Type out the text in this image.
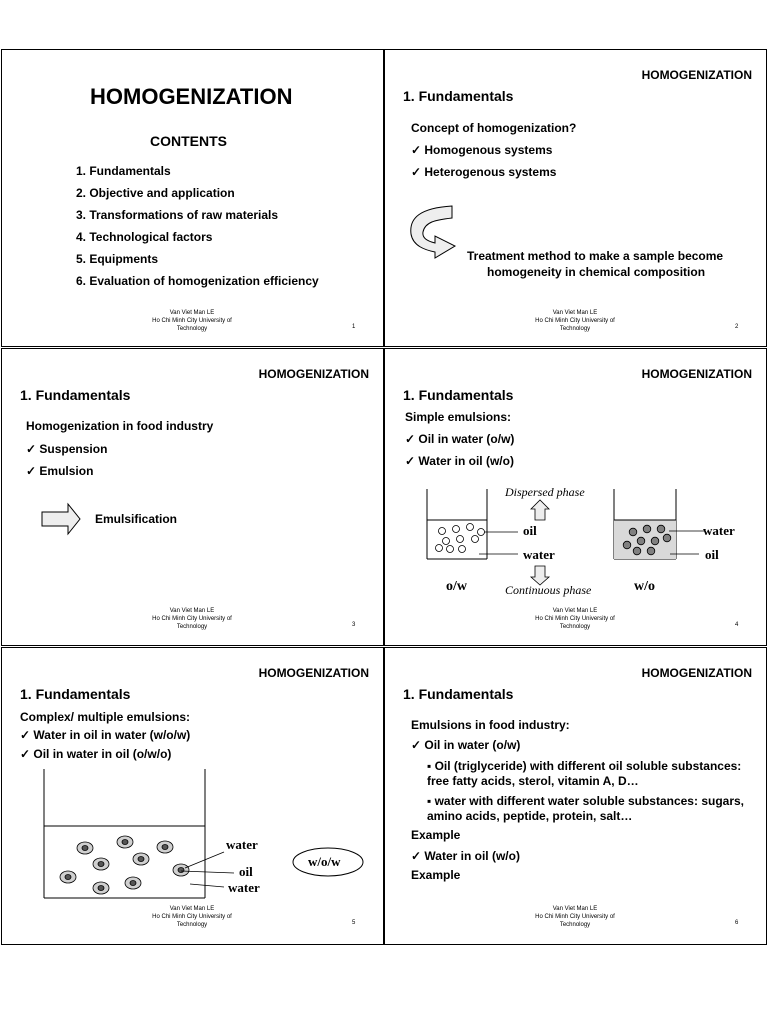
HOMOGENIZATION
CONTENTS
1. Fundamentals
2. Objective and application
3. Transformations of raw materials
4. Technological factors
5. Equipments
6. Evaluation of homogenization efficiency
Van Viet Man LE
Ho Chi Minh City University of
Technology	1
HOMOGENIZATION
1. Fundamentals
Concept of homogenization?
✓ Homogenous systems
✓ Heterogenous systems
Treatment method to make a sample become
homogeneity in chemical composition
Van Viet Man LE
Ho Chi Minh City University of
Technology	2
HOMOGENIZATION
1. Fundamentals
Homogenization in food industry
✓ Suspension
✓ Emulsion
Emulsification
Van Viet Man LE
Ho Chi Minh City University of
Technology	3
HOMOGENIZATION
1. Fundamentals
Simple emulsions:
✓ Oil in water (o/w)
✓ Water in oil (w/o)
Dispersed phase
oil
water
o/w	Continuous phase
water
oil
w/o
Van Viet Man LE
Ho Chi Minh City University of
Technology	4
HOMOGENIZATION
1. Fundamentals
Complex/ multiple emulsions:
✓ Water in oil in water (w/o/w)
✓ Oil in water in oil (o/w/o)
water
oil
water
w/o/w
Van Viet Man LE
Ho Chi Minh City University of
Technology	5
HOMOGENIZATION
1. Fundamentals
Emulsions in food industry:
✓ Oil in water (o/w)
▪ Oil (triglyceride) with different oil soluble substances:
free fatty acids, sterol, vitamin A, D…
▪ water with different water soluble substances: sugars,
amino acids, peptide, protein, salt…
Example
✓ Water in oil (w/o)
Example
Van Viet Man LE
Ho Chi Minh City University of
Technology	6
